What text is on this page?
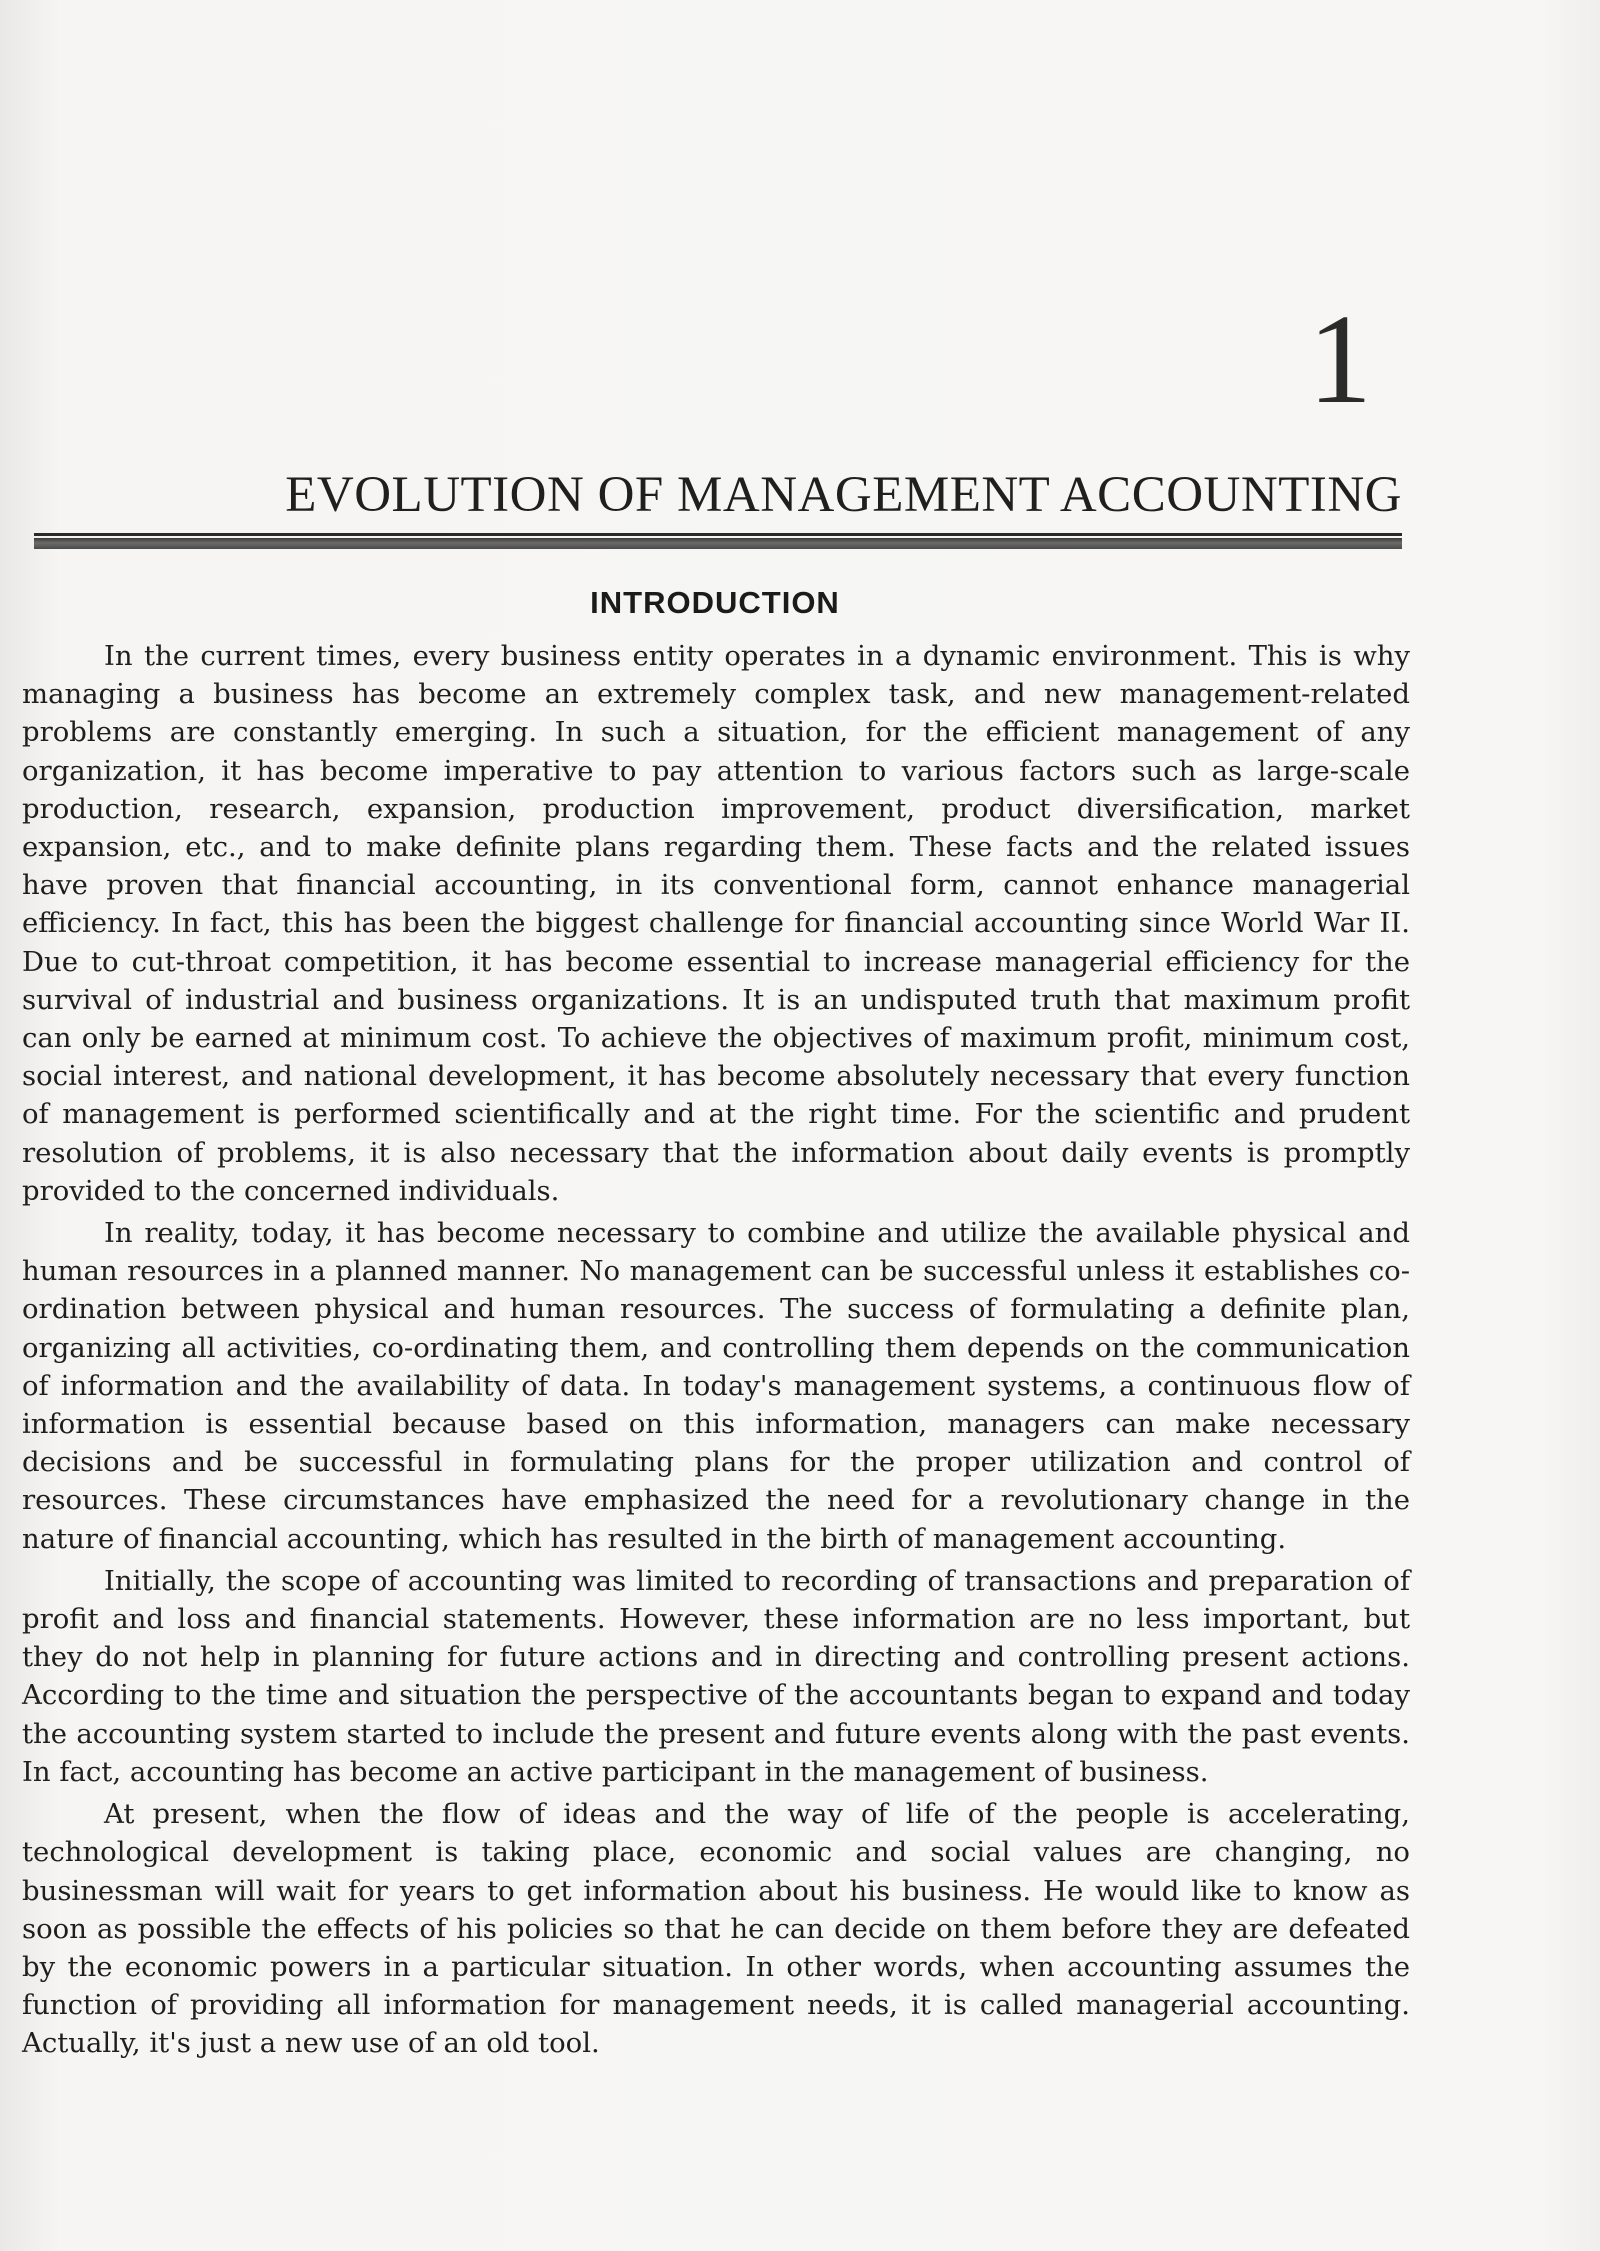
1
EVOLUTION OF MANAGEMENT ACCOUNTING
INTRODUCTION

In the current times, every business entity operates in a dynamic environment. This is why managing a business has become an extremely complex task, and new management-related problems are constantly emerging. In such a situation, for the efficient management of any organization, it has become imperative to pay attention to various factors such as large-scale production, research, expansion, production improvement, product diversification, market expansion, etc., and to make definite plans regarding them. These facts and the related issues have proven that financial accounting, in its conventional form, cannot enhance managerial efficiency. In fact, this has been the biggest challenge for financial accounting since World War II. Due to cut-throat competition, it has become essential to increase managerial efficiency for the survival of industrial and business organizations. It is an undisputed truth that maximum profit can only be earned at minimum cost. To achieve the objectives of maximum profit, minimum cost, social interest, and national development, it has become absolutely necessary that every function of management is performed scientifically and at the right time. For the scientific and prudent resolution of problems, it is also necessary that the information about daily events is promptly provided to the concerned individuals.

In reality, today, it has become necessary to combine and utilize the available physical and human resources in a planned manner. No management can be successful unless it establishes co-ordination between physical and human resources. The success of formulating a definite plan, organizing all activities, co-ordinating them, and controlling them depends on the communication of information and the availability of data. In today's management systems, a continuous flow of information is essential because based on this information, managers can make necessary decisions and be successful in formulating plans for the proper utilization and control of resources. These circumstances have emphasized the need for a revolutionary change in the nature of financial accounting, which has resulted in the birth of management accounting.

Initially, the scope of accounting was limited to recording of transactions and preparation of profit and loss and financial statements. However, these information are no less important, but they do not help in planning for future actions and in directing and controlling present actions. According to the time and situation the perspective of the accountants began to expand and today the accounting system started to include the present and future events along with the past events. In fact, accounting has become an active participant in the management of business.

At present, when the flow of ideas and the way of life of the people is accelerating, technological development is taking place, economic and social values are changing, no businessman will wait for years to get information about his business. He would like to know as soon as possible the effects of his policies so that he can decide on them before they are defeated by the economic powers in a particular situation. In other words, when accounting assumes the function of providing all information for management needs, it is called managerial accounting. Actually, it's just a new use of an old tool.
